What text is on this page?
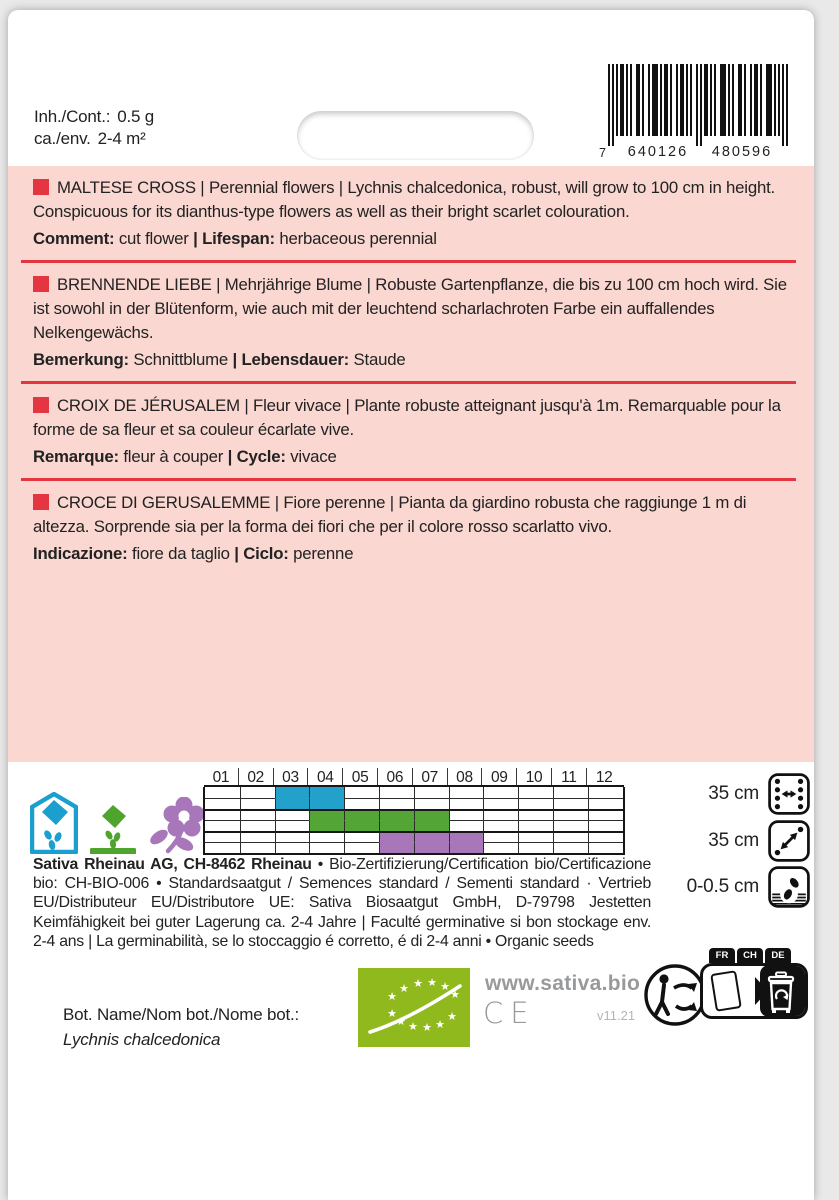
Inh./Cont.: 0.5 g
ca./env. 2-4 m²
7	640126	480596

MALTESE CROSS | Perennial flowers | Lychnis chalcedonica, robust, will grow to 100 cm in height. Conspicuous for its dianthus-type flowers as well as their bright scarlet colouration.

Comment: cut flower | Lifespan: herbaceous perennial

BRENNENDE LIEBE | Mehrjährige Blume | Robuste Gartenpflanze, die bis zu 100 cm hoch wird. Sie ist sowohl in der Blütenform, wie auch mit der leuchtend scharlachroten Farbe ein auffallendes Nelkengewächs.

Bemerkung: Schnittblume | Lebensdauer: Staude

CROIX DE JÉRUSALEM | Fleur vivace | Plante robuste atteignant jusqu'à 1m. Remarquable pour la forme de sa fleur et sa couleur écarlate vive.

Remarque: fleur à couper | Cycle: vivace

CROCE DI GERUSALEMME | Fiore perenne | Pianta da giardino robusta che raggiunge 1 m di altezza. Sorprende sia per la forma dei fiori che per il colore rosso scarlatto vivo.

Indicazione: fiore da taglio | Ciclo: perenne

01	02	03	04	05	06	07	08	09	10	11	12
35 cm
35 cm
0-0.5 cm

Sativa Rheinau AG, CH-8462 Rheinau • Bio-Zertifizierung/Certification bio/Certificazione bio: CH-BIO-006 • Standardsaatgut / Semences standard / Sementi standard · Vertrieb EU/Distributeur EU/Distributore UE: Sativa Biosaatgut GmbH, D-79798 Jestetten Keimfähigkeit bei guter Lagerung ca. 2-4 Jahre | Faculté germinative si bon stockage env. 2-4 ans | La germinabilità, se lo stoccaggio é corretto, é di 2-4 anni • Organic seeds

Bot. Name/Nom bot./Nome bot.:
Lychnis chalcedonica
★
★ ★ ★ ★
★
★
★ ★ ★ ★
★
www.sativa.bio
CE	v11.21
FR	CH	DE
